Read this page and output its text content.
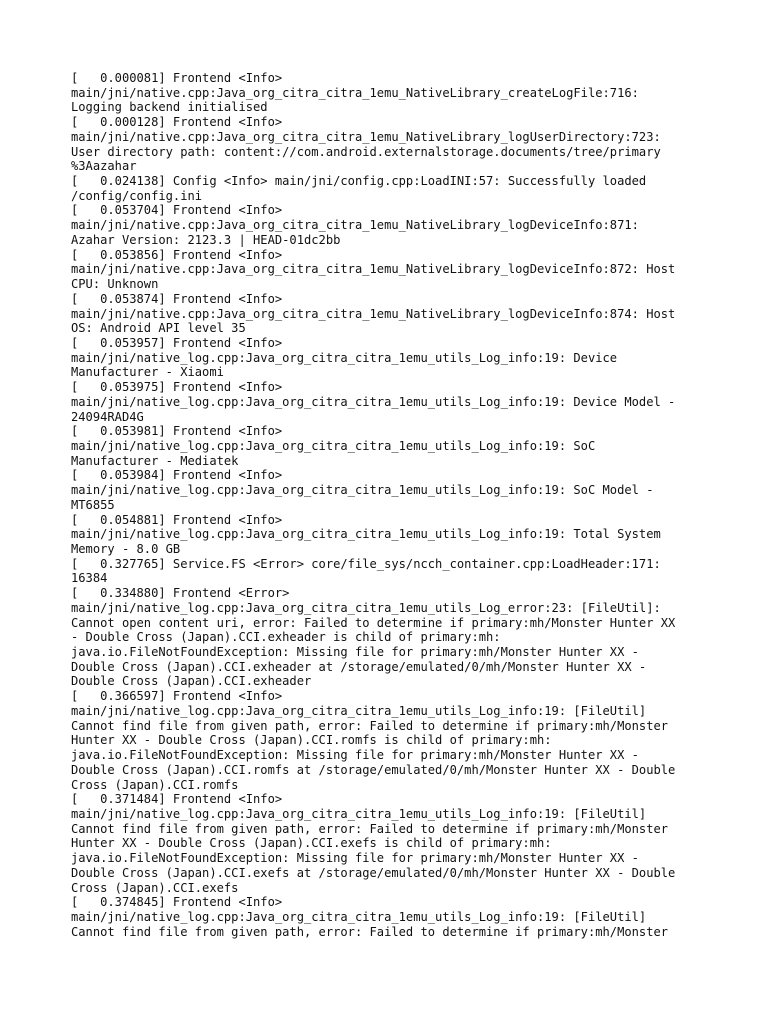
[   0.000081] Frontend <Info>
main/jni/native.cpp:Java_org_citra_citra_1emu_NativeLibrary_createLogFile:716:
Logging backend initialised
[   0.000128] Frontend <Info>
main/jni/native.cpp:Java_org_citra_citra_1emu_NativeLibrary_logUserDirectory:723:
User directory path: content://com.android.externalstorage.documents/tree/primary
%3Aazahar
[   0.024138] Config <Info> main/jni/config.cpp:LoadINI:57: Successfully loaded
/config/config.ini
[   0.053704] Frontend <Info>
main/jni/native.cpp:Java_org_citra_citra_1emu_NativeLibrary_logDeviceInfo:871:
Azahar Version: 2123.3 | HEAD-01dc2bb
[   0.053856] Frontend <Info>
main/jni/native.cpp:Java_org_citra_citra_1emu_NativeLibrary_logDeviceInfo:872: Host
CPU: Unknown
[   0.053874] Frontend <Info>
main/jni/native.cpp:Java_org_citra_citra_1emu_NativeLibrary_logDeviceInfo:874: Host
OS: Android API level 35
[   0.053957] Frontend <Info>
main/jni/native_log.cpp:Java_org_citra_citra_1emu_utils_Log_info:19: Device
Manufacturer - Xiaomi
[   0.053975] Frontend <Info>
main/jni/native_log.cpp:Java_org_citra_citra_1emu_utils_Log_info:19: Device Model -
24094RAD4G
[   0.053981] Frontend <Info>
main/jni/native_log.cpp:Java_org_citra_citra_1emu_utils_Log_info:19: SoC
Manufacturer - Mediatek
[   0.053984] Frontend <Info>
main/jni/native_log.cpp:Java_org_citra_citra_1emu_utils_Log_info:19: SoC Model -
MT6855
[   0.054881] Frontend <Info>
main/jni/native_log.cpp:Java_org_citra_citra_1emu_utils_Log_info:19: Total System
Memory - 8.0 GB
[   0.327765] Service.FS <Error> core/file_sys/ncch_container.cpp:LoadHeader:171:
16384
[   0.334880] Frontend <Error>
main/jni/native_log.cpp:Java_org_citra_citra_1emu_utils_Log_error:23: [FileUtil]:
Cannot open content uri, error: Failed to determine if primary:mh/Monster Hunter XX
- Double Cross (Japan).CCI.exheader is child of primary:mh:
java.io.FileNotFoundException: Missing file for primary:mh/Monster Hunter XX -
Double Cross (Japan).CCI.exheader at /storage/emulated/0/mh/Monster Hunter XX -
Double Cross (Japan).CCI.exheader
[   0.366597] Frontend <Info>
main/jni/native_log.cpp:Java_org_citra_citra_1emu_utils_Log_info:19: [FileUtil]
Cannot find file from given path, error: Failed to determine if primary:mh/Monster
Hunter XX - Double Cross (Japan).CCI.romfs is child of primary:mh:
java.io.FileNotFoundException: Missing file for primary:mh/Monster Hunter XX -
Double Cross (Japan).CCI.romfs at /storage/emulated/0/mh/Monster Hunter XX - Double
Cross (Japan).CCI.romfs
[   0.371484] Frontend <Info>
main/jni/native_log.cpp:Java_org_citra_citra_1emu_utils_Log_info:19: [FileUtil]
Cannot find file from given path, error: Failed to determine if primary:mh/Monster
Hunter XX - Double Cross (Japan).CCI.exefs is child of primary:mh:
java.io.FileNotFoundException: Missing file for primary:mh/Monster Hunter XX -
Double Cross (Japan).CCI.exefs at /storage/emulated/0/mh/Monster Hunter XX - Double
Cross (Japan).CCI.exefs
[   0.374845] Frontend <Info>
main/jni/native_log.cpp:Java_org_citra_citra_1emu_utils_Log_info:19: [FileUtil]
Cannot find file from given path, error: Failed to determine if primary:mh/Monster
